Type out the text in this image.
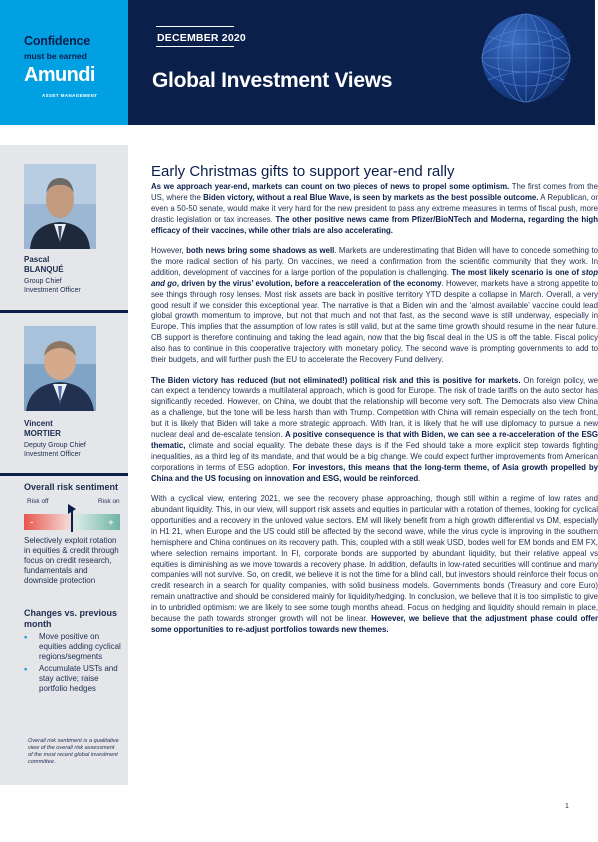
Confidence
must be earned
Amundi
ASSET MANAGEMENT
DECEMBER 2020
Global Investment Views
Pascal
BLANQUÉ
Group Chief
Investment Officer
Vincent
MORTIER
Deputy Group Chief
Investment Officer
Overall risk sentiment
Risk off	Risk on
-	+
Selectively exploit rotation in equities & credit through focus on credit research, fundamentals and downside protection
Changes vs. previous month
▪ Move positive on equities adding cyclical regions/segments
▪ Accumulate USTs and stay active; raise portfolio hedges
Overall risk sentiment is a qualitative view of the overall risk assessment of the most recent global investment committee.
Early Christmas gifts to support year-end rally

As we approach year-end, markets can count on two pieces of news to propel some optimism. The first comes from the US, where the Biden victory, without a real Blue Wave, is seen by markets as the best possible outcome. A Republican, or even a 50-50 senate, would make it very hard for the new president to pass any extreme measures in terms of fiscal push, more drastic legislation or tax increases. The other positive news came from Pfizer/BioNTech and Moderna, regarding the high efficacy of their vaccines, while other trials are also accelerating.

However, both news bring some shadows as well. Markets are underestimating that Biden will have to concede something to the more radical section of his party. On vaccines, we need a confirmation from the scientific community that they work. In addition, development of vaccines for a large portion of the population is challenging. The most likely scenario is one of stop and go, driven by the virus’ evolution, before a reacceleration of the economy. However, markets have a strong appetite to see things through rosy lenses. Most risk assets are back in positive territory YTD despite a collapse in March. Overall, a very good result if we consider this exceptional year. The narrative is that a Biden win and the ‘almost available’ vaccine could lead global growth momentum to improve, but not that much and not that fast, as the second wave is still underway, especially in Europe. This implies that the assumption of low rates is still valid, but at the same time growth should resume in the near future. CB support is therefore continuing and taking the lead again, now that the big fiscal deal in the US is off the table. Fiscal policy also has to continue in this cooperative trajectory with monetary policy. The second wave is prompting governments to add to their budgets, and will further push the EU to accelerate the Recovery Fund delivery.

The Biden victory has reduced (but not eliminated!) political risk and this is positive for markets. On foreign policy, we can expect a tendency towards a multilateral approach, which is good for Europe. The risk of trade tariffs on the auto sector has significantly receded. However, on China, we doubt that the relationship will become very soft. The Democrats also view China as a challenge, but the tone will be less harsh than with Trump. Competition with China will remain especially on the tech front, but it is likely that Biden will take a more strategic approach. With Iran, it is likely that he will use diplomacy to pursue a new nuclear deal and de-escalate tension. A positive consequence is that with Biden, we can see a re-acceleration of the ESG thematic, climate and social equality. The debate these days is if the Fed should take a more explicit step towards fighting inequalities, as a third leg of its mandate, and that would be a big change. We could expect further improvements from American corporations in terms of ESG adoption. For investors, this means that the long-term theme, of Asia growth propelled by China and the US focusing on innovation and ESG, would be reinforced.

With a cyclical view, entering 2021, we see the recovery phase approaching, though still within a regime of low rates and abundant liquidity. This, in our view, will support risk assets and equities in particular with a rotation of themes, looking for cyclical opportunities and a recovery in the unloved value sectors. EM will likely benefit from a high growth differential vs DM, especially in H1 21, when Europe and the US could still be affected by the second wave, while the virus cycle is improving in the southern hemisphere and China continues on its recovery path. This, coupled with a still weak USD, bodes well for EM bonds and EM FX, where selection remains important. In FI, corporate bonds are supported by abundant liquidity, but their relative appeal vs equities is diminishing as we move towards a recovery phase. In addition, defaults in low-rated securities will continue and many companies will not survive. So, on credit, we believe it is not the time for a blind call, but investors should reinforce their focus on credit research in a search for quality companies, with solid business models. Governments bonds (Treasury and core Euro) remain unattractive and should be considered mainly for liquidity/hedging. In conclusion, we believe that it is too simplistic to give in to unbridled optimism: we are likely to see some tough months ahead. Focus on hedging and liquidity should remain in place, because the path towards stronger growth will not be linear. However, we believe that the adjustment phase could offer some opportunities to re-adjust portfolios towards new themes.

1
